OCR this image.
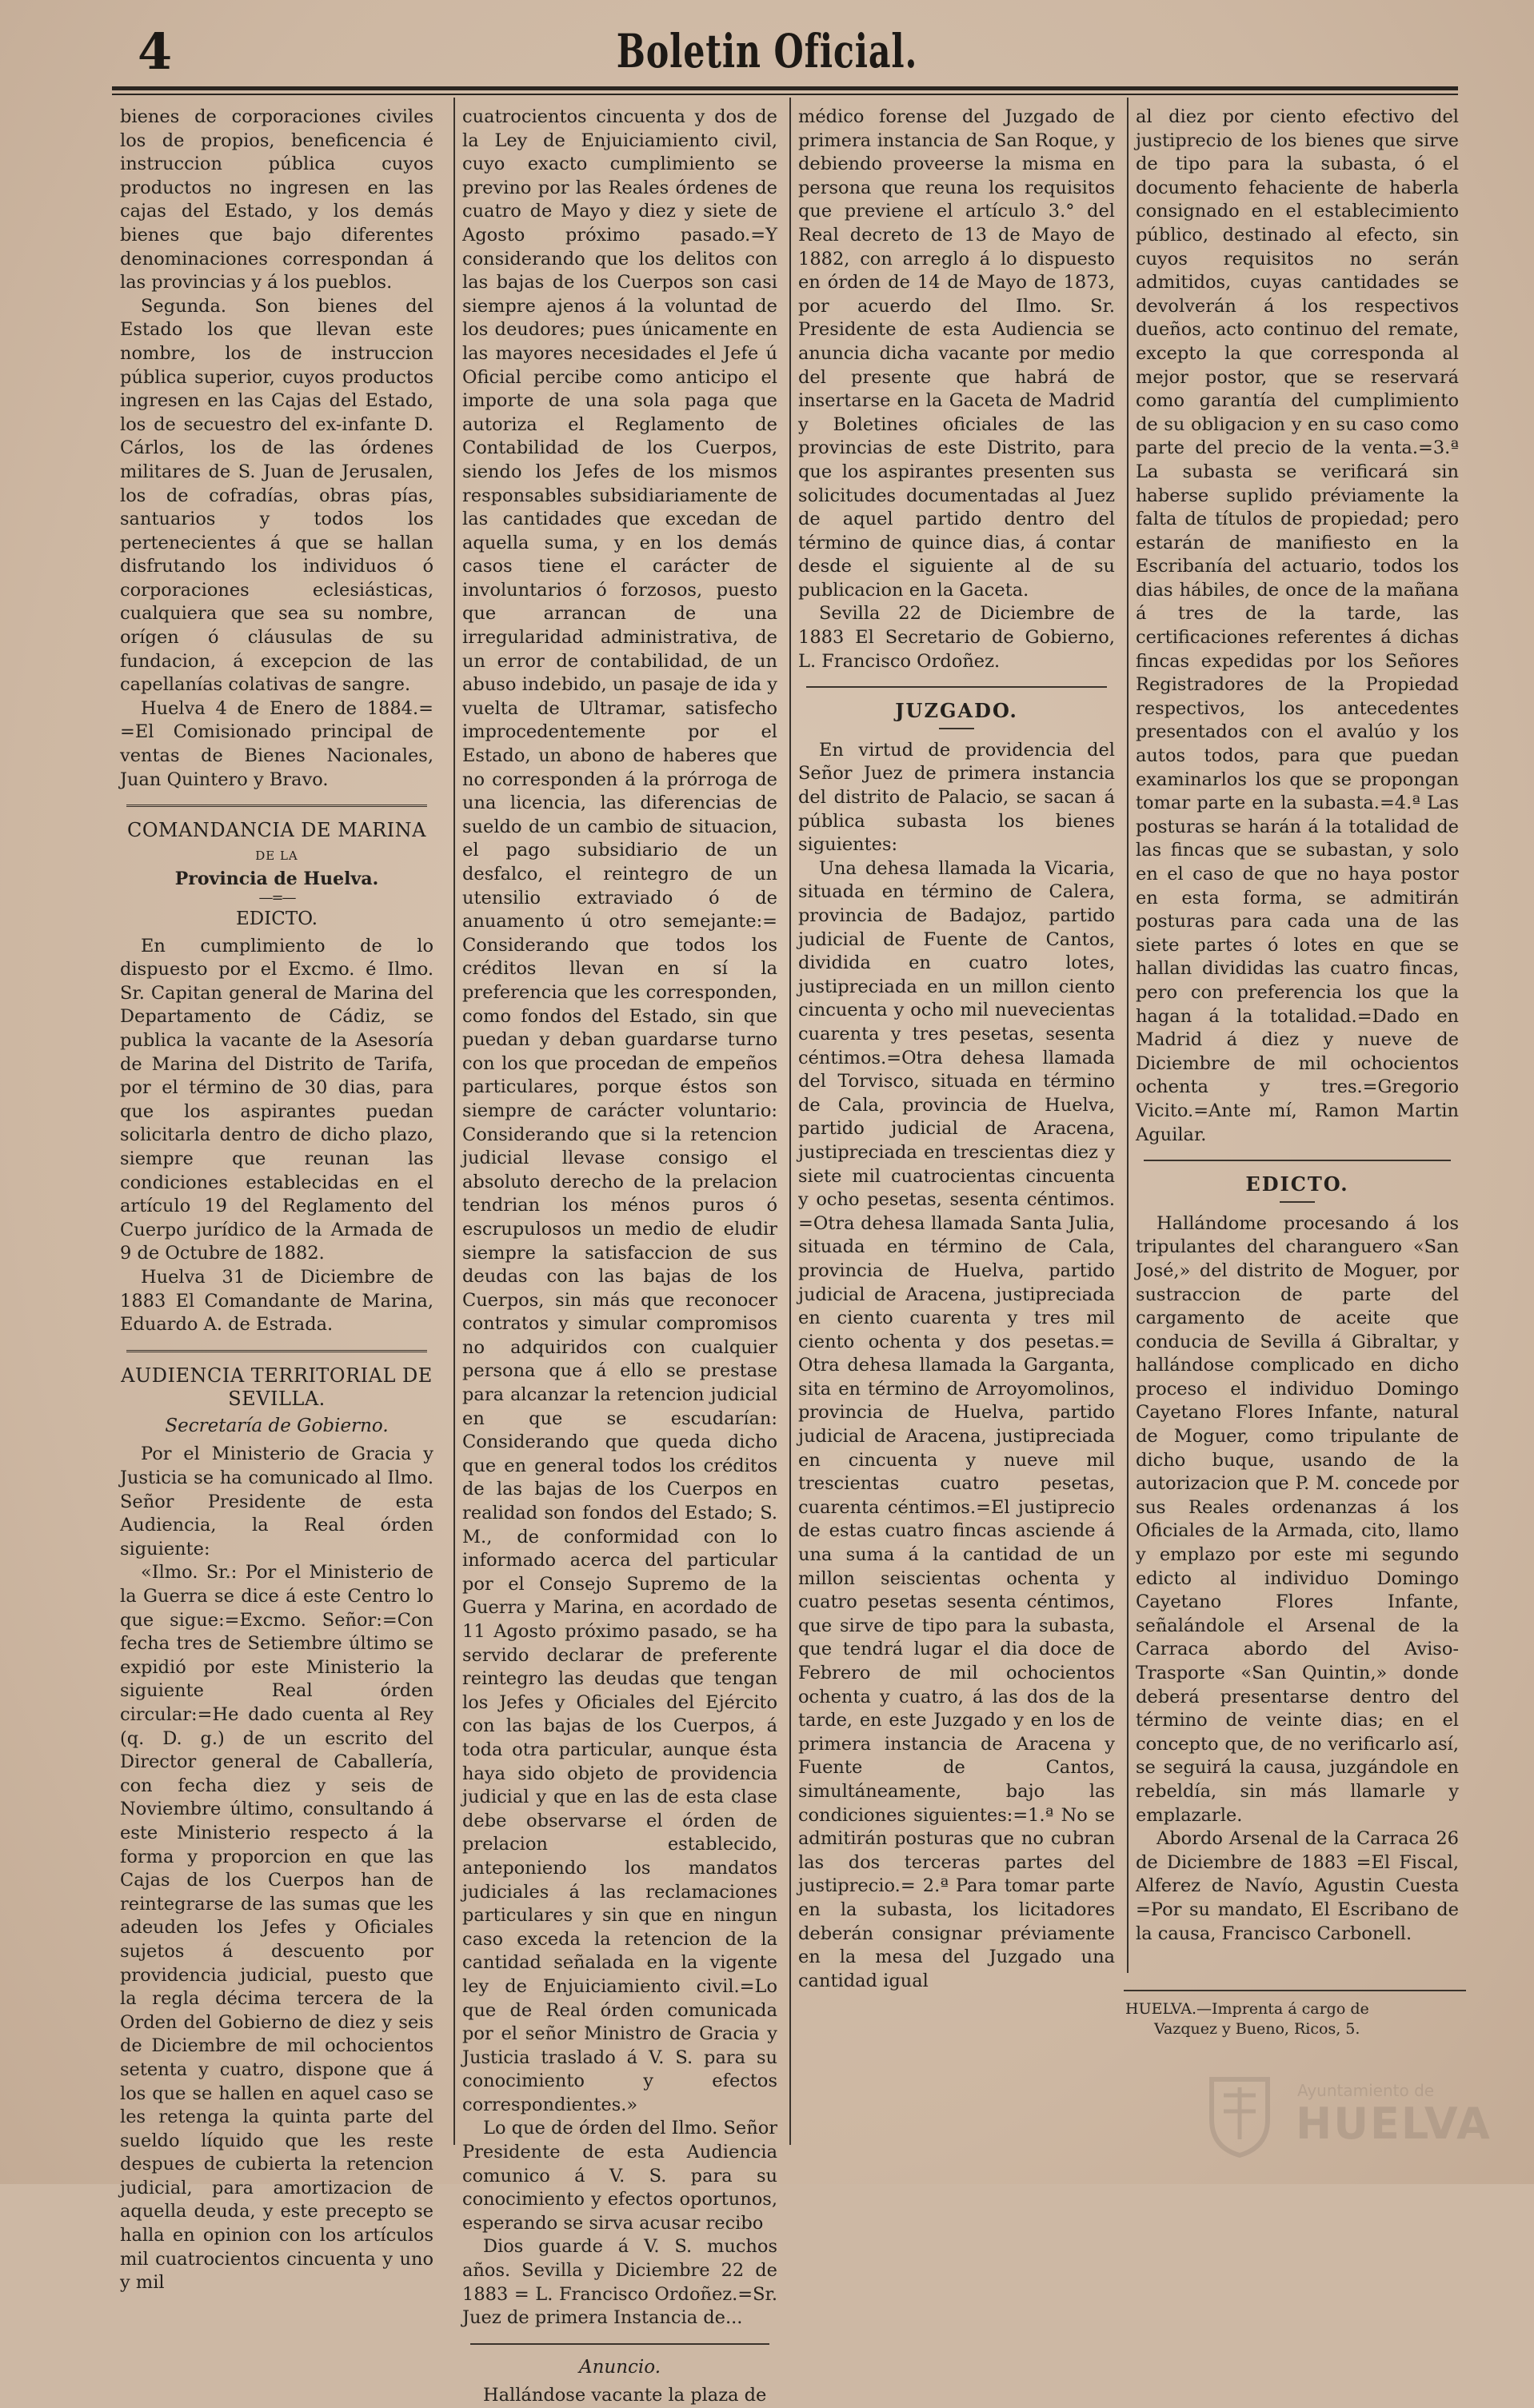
4	Boletin Oficial.

bienes de corporaciones civiles los de propios, beneficencia é instruccion pública cuyos productos no ingresen en las cajas del Estado, y los demás bienes que bajo diferentes denominaciones correspondan á las provincias y á los pueblos.

Segunda. Son bienes del Estado los que llevan este nombre, los de instruccion pública superior, cuyos productos ingresen en las Cajas del Estado, los de secuestro del ex-infante D. Cárlos, los de las órdenes militares de S. Juan de Jerusalen, los de cofradías, obras pías, santuarios y todos los pertenecientes á que se hallan disfrutando los individuos ó corporaciones eclesiásticas, cualquiera que sea su nombre, orígen ó cláusulas de su fundacion, á excepcion de las capellanías colativas de sangre.

Huelva 4 de Enero de 1884.= =El Comisionado principal de ventas de Bienes Nacionales, Juan Quintero y Bravo.

COMANDANCIA DE MARINA
DE LA
Provincia de Huelva.
—=—
EDICTO.

En cumplimiento de lo dispuesto por el Excmo. é Ilmo. Sr. Capitan general de Marina del Departamento de Cádiz, se publica la vacante de la Asesoría de Marina del Distrito de Tarifa, por el término de 30 dias, para que los aspirantes puedan solicitarla dentro de dicho plazo, siempre que reunan las condiciones establecidas en el artículo 19 del Reglamento del Cuerpo jurídico de la Armada de 9 de Octubre de 1882.

Huelva 31 de Diciembre de 1883 El Comandante de Marina, Eduardo A. de Estrada.

AUDIENCIA TERRITORIAL DE SEVILLA.
Secretaría de Gobierno.

Por el Ministerio de Gracia y Justicia se ha comunicado al Ilmo. Señor Presidente de esta Audiencia, la Real órden siguiente:

«Ilmo. Sr.: Por el Ministerio de la Guerra se dice á este Centro lo que sigue:=Excmo. Señor:=Con fecha tres de Setiembre último se expidió por este Ministerio la siguiente Real órden circular:=He dado cuenta al Rey (q. D. g.) de un escrito del Director general de Caballería, con fecha diez y seis de Noviembre último, consultando á este Ministerio respecto á la forma y proporcion en que las Cajas de los Cuerpos han de reintegrarse de las sumas que les adeuden los Jefes y Oficiales sujetos á descuento por providencia judicial, puesto que la regla décima tercera de la Orden del Gobierno de diez y seis de Diciembre de mil ochocientos setenta y cuatro, dispone que á los que se hallen en aquel caso se les retenga la quinta parte del sueldo líquido que les reste despues de cubierta la retencion judicial, para amortizacion de aquella deuda, y este precepto se halla en opinion con los artículos mil cuatrocientos cincuenta y uno y mil

cuatrocientos cincuenta y dos de la Ley de Enjuiciamiento civil, cuyo exacto cumplimiento se previno por las Reales órdenes de cuatro de Mayo y diez y siete de Agosto próximo pasado.=Y considerando que los delitos con las bajas de los Cuerpos son casi siempre ajenos á la voluntad de los deudores; pues únicamente en las mayores necesidades el Jefe ú Oficial percibe como anticipo el importe de una sola paga que autoriza el Reglamento de Contabilidad de los Cuerpos, siendo los Jefes de los mismos responsables subsidiariamente de las cantidades que excedan de aquella suma, y en los demás casos tiene el carácter de involuntarios ó forzosos, puesto que arrancan de una irregularidad administrativa, de un error de contabilidad, de un abuso indebido, un pasaje de ida y vuelta de Ultramar, satisfecho improcedentemente por el Estado, un abono de haberes que no corresponden á la prórroga de una licencia, las diferencias de sueldo de un cambio de situacion, el pago subsidiario de un desfalco, el reintegro de un utensilio extraviado ó de anuamento ú otro semejante:= Considerando que todos los créditos llevan en sí la preferencia que les corresponden, como fondos del Estado, sin que puedan y deban guardarse turno con los que procedan de empeños particulares, porque éstos son siempre de carácter voluntario: Considerando que si la retencion judicial llevase consigo el absoluto derecho de la prelacion tendrian los ménos puros ó escrupulosos un medio de eludir siempre la satisfaccion de sus deudas con las bajas de los Cuerpos, sin más que reconocer contratos y simular compromisos no adquiridos con cualquier persona que á ello se prestase para alcanzar la retencion judicial en que se escudarían: Considerando que queda dicho que en general todos los créditos de las bajas de los Cuerpos en realidad son fondos del Estado; S. M., de conformidad con lo informado acerca del particular por el Consejo Supremo de la Guerra y Marina, en acordado de 11 Agosto próximo pasado, se ha servido declarar de preferente reintegro las deudas que tengan los Jefes y Oficiales del Ejército con las bajas de los Cuerpos, á toda otra particular, aunque ésta haya sido objeto de providencia judicial y que en las de esta clase debe observarse el órden de prelacion establecido, anteponiendo los mandatos judiciales á las reclamaciones particulares y sin que en ningun caso exceda la retencion de la cantidad señalada en la vigente ley de Enjuiciamiento civil.=Lo que de Real órden comunicada por el señor Ministro de Gracia y Justicia traslado á V. S. para su conocimiento y efectos correspondientes.»

Lo que de órden del Ilmo. Señor Presidente de esta Audiencia comunico á V. S. para su conocimiento y efectos oportunos, esperando se sirva acusar recibo

Dios guarde á V. S. muchos años. Sevilla y Diciembre 22 de 1883 = L. Francisco Ordoñez.=Sr. Juez de primera Instancia de...

Anuncio.

Hallándose vacante la plaza de

médico forense del Juzgado de primera instancia de San Roque, y debiendo proveerse la misma en persona que reuna los requisitos que previene el artículo 3.° del Real decreto de 13 de Mayo de 1882, con arreglo á lo dispuesto en órden de 14 de Mayo de 1873, por acuerdo del Ilmo. Sr. Presidente de esta Audiencia se anuncia dicha vacante por medio del presente que habrá de insertarse en la Gaceta de Madrid y Boletines oficiales de las provincias de este Distrito, para que los aspirantes presenten sus solicitudes documentadas al Juez de aquel partido dentro del término de quince dias, á contar desde el siguiente al de su publicacion en la Gaceta.

Sevilla 22 de Diciembre de 1883 El Secretario de Gobierno, L. Francisco Ordoñez.

JUZGADO.

En virtud de providencia del Señor Juez de primera instancia del distrito de Palacio, se sacan á pública subasta los bienes siguientes:

Una dehesa llamada la Vicaria, situada en término de Calera, provincia de Badajoz, partido judicial de Fuente de Cantos, dividida en cuatro lotes, justipreciada en un millon ciento cincuenta y ocho mil nuevecientas cuarenta y tres pesetas, sesenta céntimos.=Otra dehesa llamada del Torvisco, situada en término de Cala, provincia de Huelva, partido judicial de Aracena, justipreciada en trescientas diez y siete mil cuatrocientas cincuenta y ocho pesetas, sesenta céntimos. =Otra dehesa llamada Santa Julia, situada en término de Cala, provincia de Huelva, partido judicial de Aracena, justipreciada en ciento cuarenta y tres mil ciento ochenta y dos pesetas.= Otra dehesa llamada la Garganta, sita en término de Arroyomolinos, provincia de Huelva, partido judicial de Aracena, justipreciada en cincuenta y nueve mil trescientas cuatro pesetas, cuarenta céntimos.=El justiprecio de estas cuatro fincas asciende á una suma á la cantidad de un millon seiscientas ochenta y cuatro pesetas sesenta céntimos, que sirve de tipo para la subasta, que tendrá lugar el dia doce de Febrero de mil ochocientos ochenta y cuatro, á las dos de la tarde, en este Juzgado y en los de primera instancia de Aracena y Fuente de Cantos, simultáneamente, bajo las condiciones siguientes:=1.ª No se admitirán posturas que no cubran las dos terceras partes del justiprecio.= 2.ª Para tomar parte en la subasta, los licitadores deberán consignar préviamente en la mesa del Juzgado una cantidad igual

al diez por ciento efectivo del justiprecio de los bienes que sirve de tipo para la subasta, ó el documento fehaciente de haberla consignado en el establecimiento público, destinado al efecto, sin cuyos requisitos no serán admitidos, cuyas cantidades se devolverán á los respectivos dueños, acto continuo del remate, excepto la que corresponda al mejor postor, que se reservará como garantía del cumplimiento de su obligacion y en su caso como parte del precio de la venta.=3.ª La subasta se verificará sin haberse suplido préviamente la falta de títulos de propiedad; pero estarán de manifiesto en la Escribanía del actuario, todos los dias hábiles, de once de la mañana á tres de la tarde, las certificaciones referentes á dichas fincas expedidas por los Señores Registradores de la Propiedad respectivos, los antecedentes presentados con el avalúo y los autos todos, para que puedan examinarlos los que se propongan tomar parte en la subasta.=4.ª Las posturas se harán á la totalidad de las fincas que se subastan, y solo en el caso de que no haya postor en esta forma, se admitirán posturas para cada una de las siete partes ó lotes en que se hallan divididas las cuatro fincas, pero con preferencia los que la hagan á la totalidad.=Dado en Madrid á diez y nueve de Diciembre de mil ochocientos ochenta y tres.=Gregorio Vicito.=Ante mí, Ramon Martin Aguilar.

EDICTO.

Hallándome procesando á los tripulantes del charanguero «San José,» del distrito de Moguer, por sustraccion de parte del cargamento de aceite que conducia de Sevilla á Gibraltar, y hallándose complicado en dicho proceso el individuo Domingo Cayetano Flores Infante, natural de Moguer, como tripulante de dicho buque, usando de la autorizacion que P. M. concede por sus Reales ordenanzas á los Oficiales de la Armada, cito, llamo y emplazo por este mi segundo edicto al individuo Domingo Cayetano Flores Infante, señalándole el Arsenal de la Carraca abordo del Aviso-Trasporte «San Quintin,» donde deberá presentarse dentro del término de veinte dias; en el concepto que, de no verificarlo así, se seguirá la causa, juzgándole en rebeldía, sin más llamarle y emplazarle.

Abordo Arsenal de la Carraca 26 de Diciembre de 1883 =El Fiscal, Alferez de Navío, Agustin Cuesta =Por su mandato, El Escribano de la causa, Francisco Carbonell.

HUELVA.—Imprenta á cargo de
Vazquez y Bueno, Ricos, 5.
Ayuntamiento de
HUELVA
